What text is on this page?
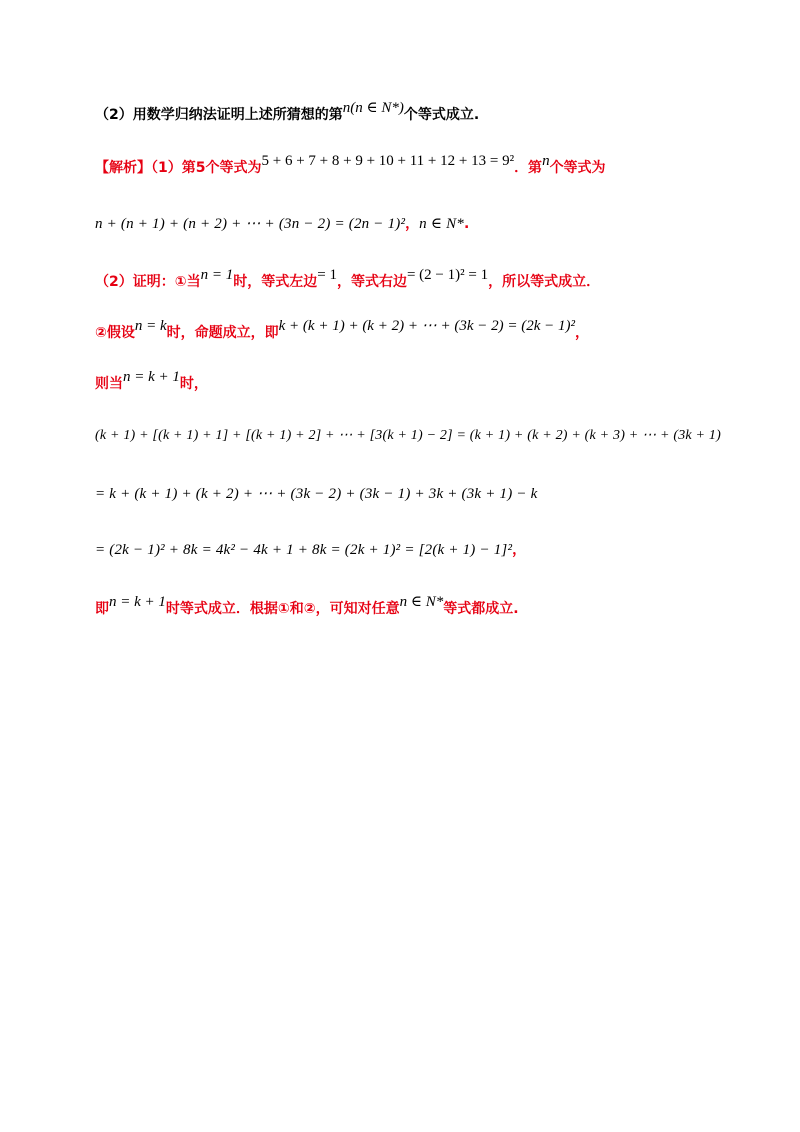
（2）用数学归纳法证明上述所猜想的第n(n ∈ N*)个等式成立.
【解析】（1）第5个等式为5 + 6 + 7 + 8 + 9 + 10 + 11 + 12 + 13 = 9²．第n个等式为
n + (n + 1) + (n + 2) + ⋯ + (3n − 2) = (2n − 1)²，n ∈ N*.
（2）证明：①当n = 1时，等式左边= 1，等式右边= (2 − 1)² = 1，所以等式成立．
②假设n = k时，命题成立，即k + (k + 1) + (k + 2) + ⋯ + (3k − 2) = (2k − 1)²，
则当n = k + 1时，
(k + 1) + [(k + 1) + 1] + [(k + 1) + 2] + ⋯ + [3(k + 1) − 2] = (k + 1) + (k + 2) + (k + 3) + ⋯ + (3k + 1)
= k + (k + 1) + (k + 2) + ⋯ + (3k − 2) + (3k − 1) + 3k + (3k + 1) − k
= (2k − 1)² + 8k = 4k² − 4k + 1 + 8k = (2k + 1)² = [2(k + 1) − 1]²，
即n = k + 1时等式成立．根据①和②，可知对任意n ∈ N*等式都成立.
